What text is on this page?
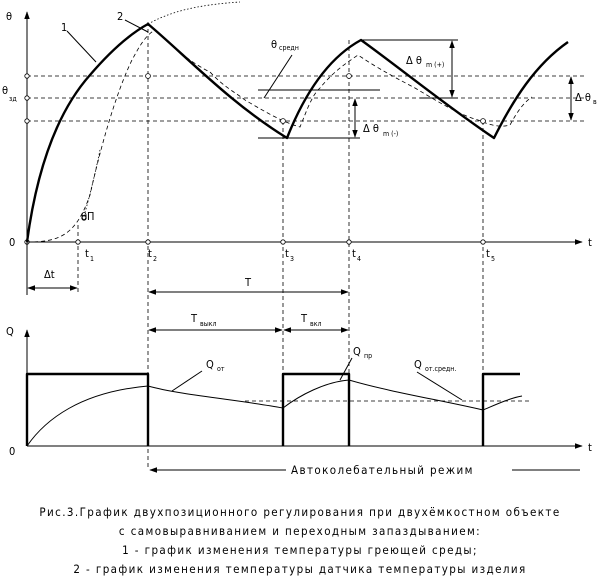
θ
t
0
θ
зд
1
2
θ средн
Δ θ m (+)
Δ θ m (-)
Δ θ в
θП
t 1	t 2	t 3	t 4	t 5
Δt
T
T выкл	T вкл
Q
t
0
Q от
Q пр
Q от.средн.
Автоколебательный режим
Рис.3.График двухпозиционного регулирования при двухёмкостном объекте
с самовыравниванием и переходным запаздыванием:
1 - график изменения температуры греющей среды;
2 - график изменения температуры датчика температуры изделия
